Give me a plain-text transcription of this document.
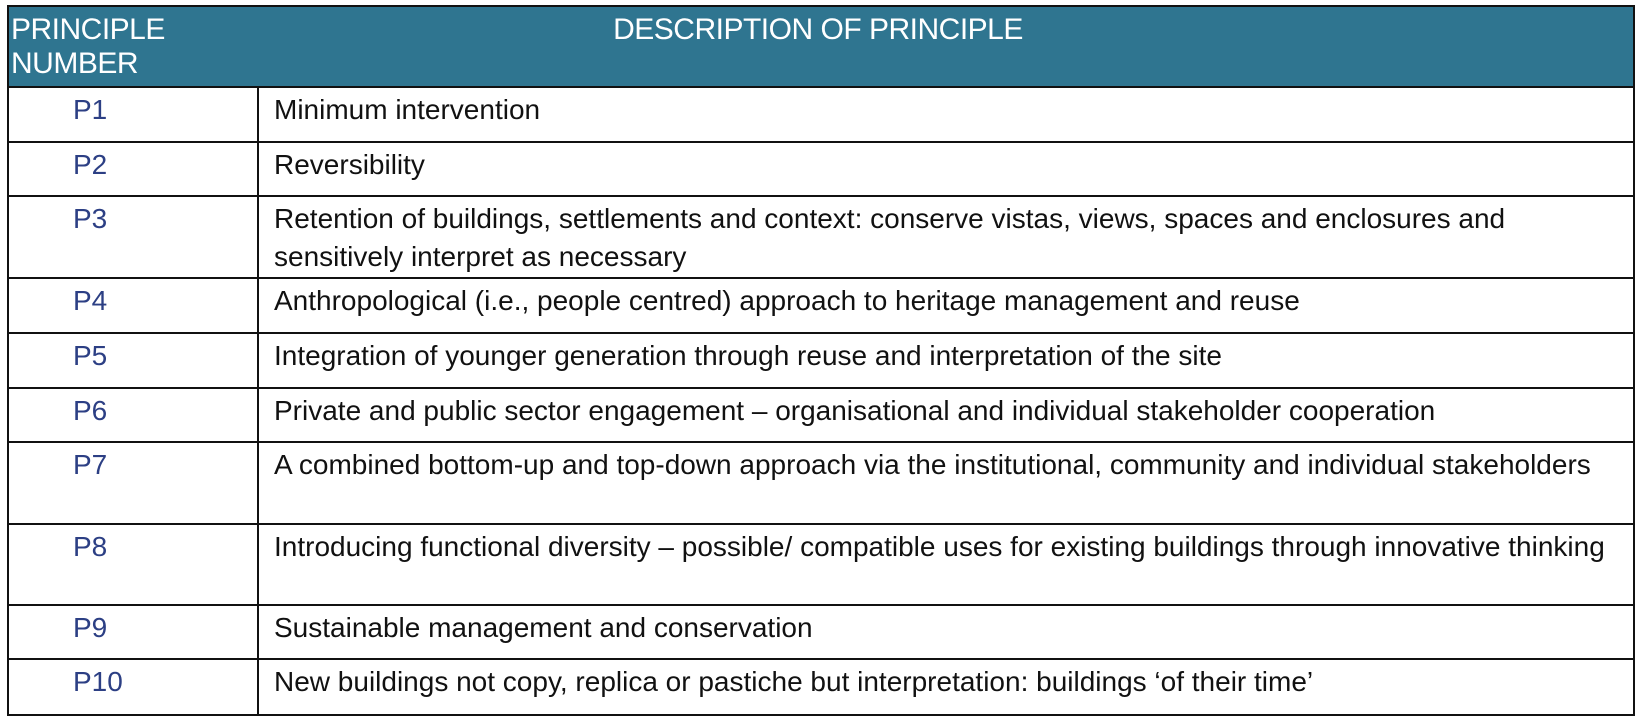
PRINCIPLE NUMBER	DESCRIPTION OF PRINCIPLE
P1	Minimum intervention
P2	Reversibility
P3	Retention of buildings, settlements and context: conserve vistas, views, spaces and enclosures and sensitively interpret as necessary
P4	Anthropological (i.e., people centred) approach to heritage management and reuse
P5	Integration of younger generation through reuse and interpretation of the site
P6	Private and public sector engagement – organisational and individual stakeholder cooperation
P7	A combined bottom-up and top-down approach via the institutional, community and individual stakeholders
P8	Introducing functional diversity – possible/ compatible uses for existing buildings through innovative thinking
P9	Sustainable management and conservation
P10	New buildings not copy, replica or pastiche but interpretation: buildings ‘of their time’
